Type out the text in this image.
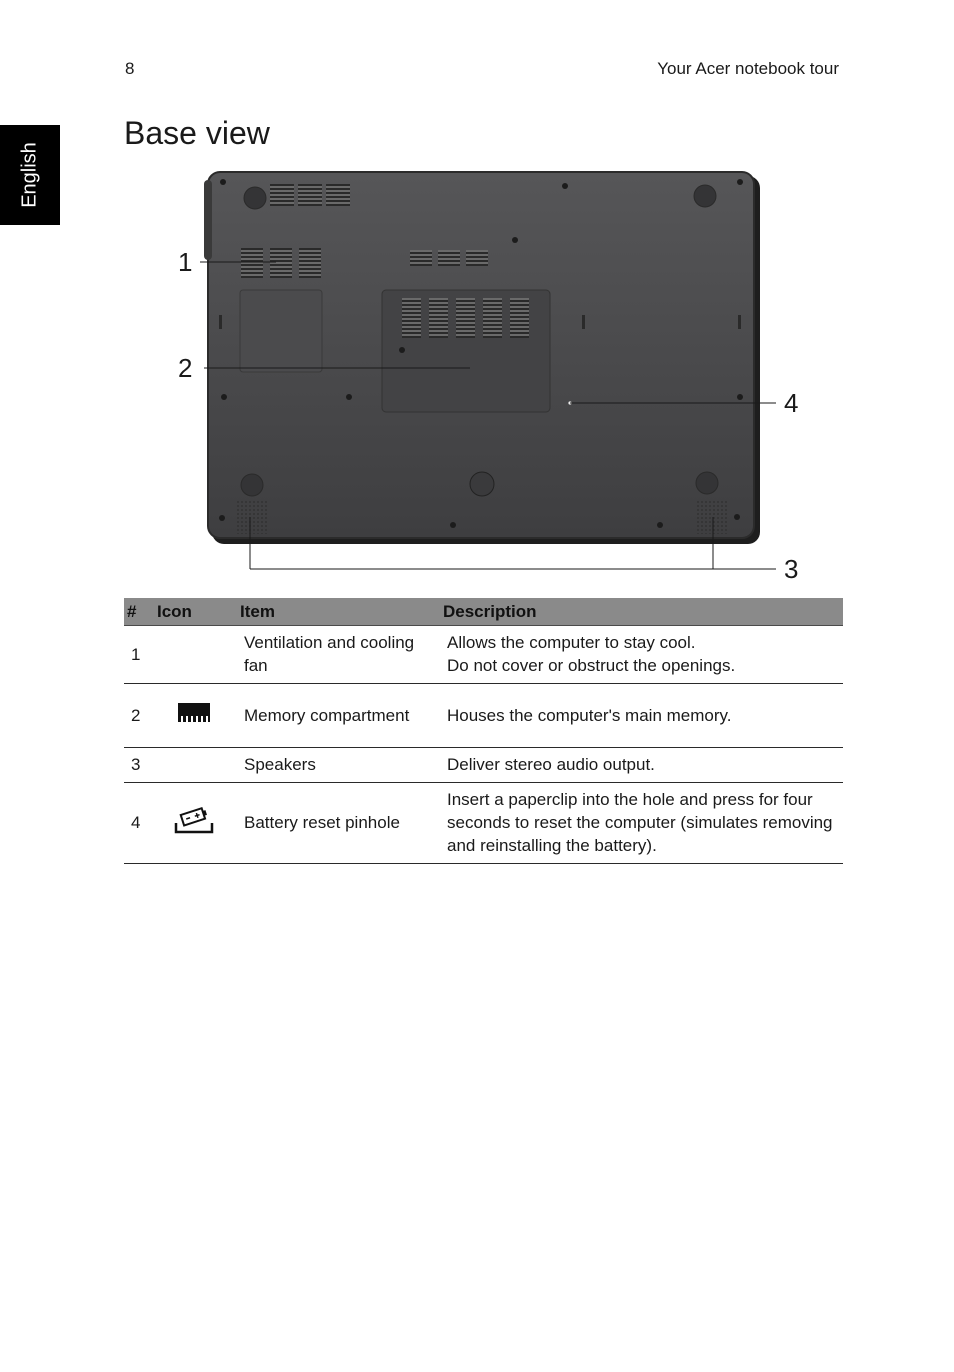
8	Your Acer notebook tour
English
Base view
1
2
3
4
#	Icon	Item	Description
1		Ventilation and cooling fan	Allows the computer to stay cool.
Do not cover or obstruct the openings.

2		Memory compartment	Houses the computer's main memory.

3		Speakers	Deliver stereo audio output.

4		Battery reset pinhole	Insert a paperclip into the hole and press for four seconds to reset the computer (simulates removing and reinstalling the battery).
